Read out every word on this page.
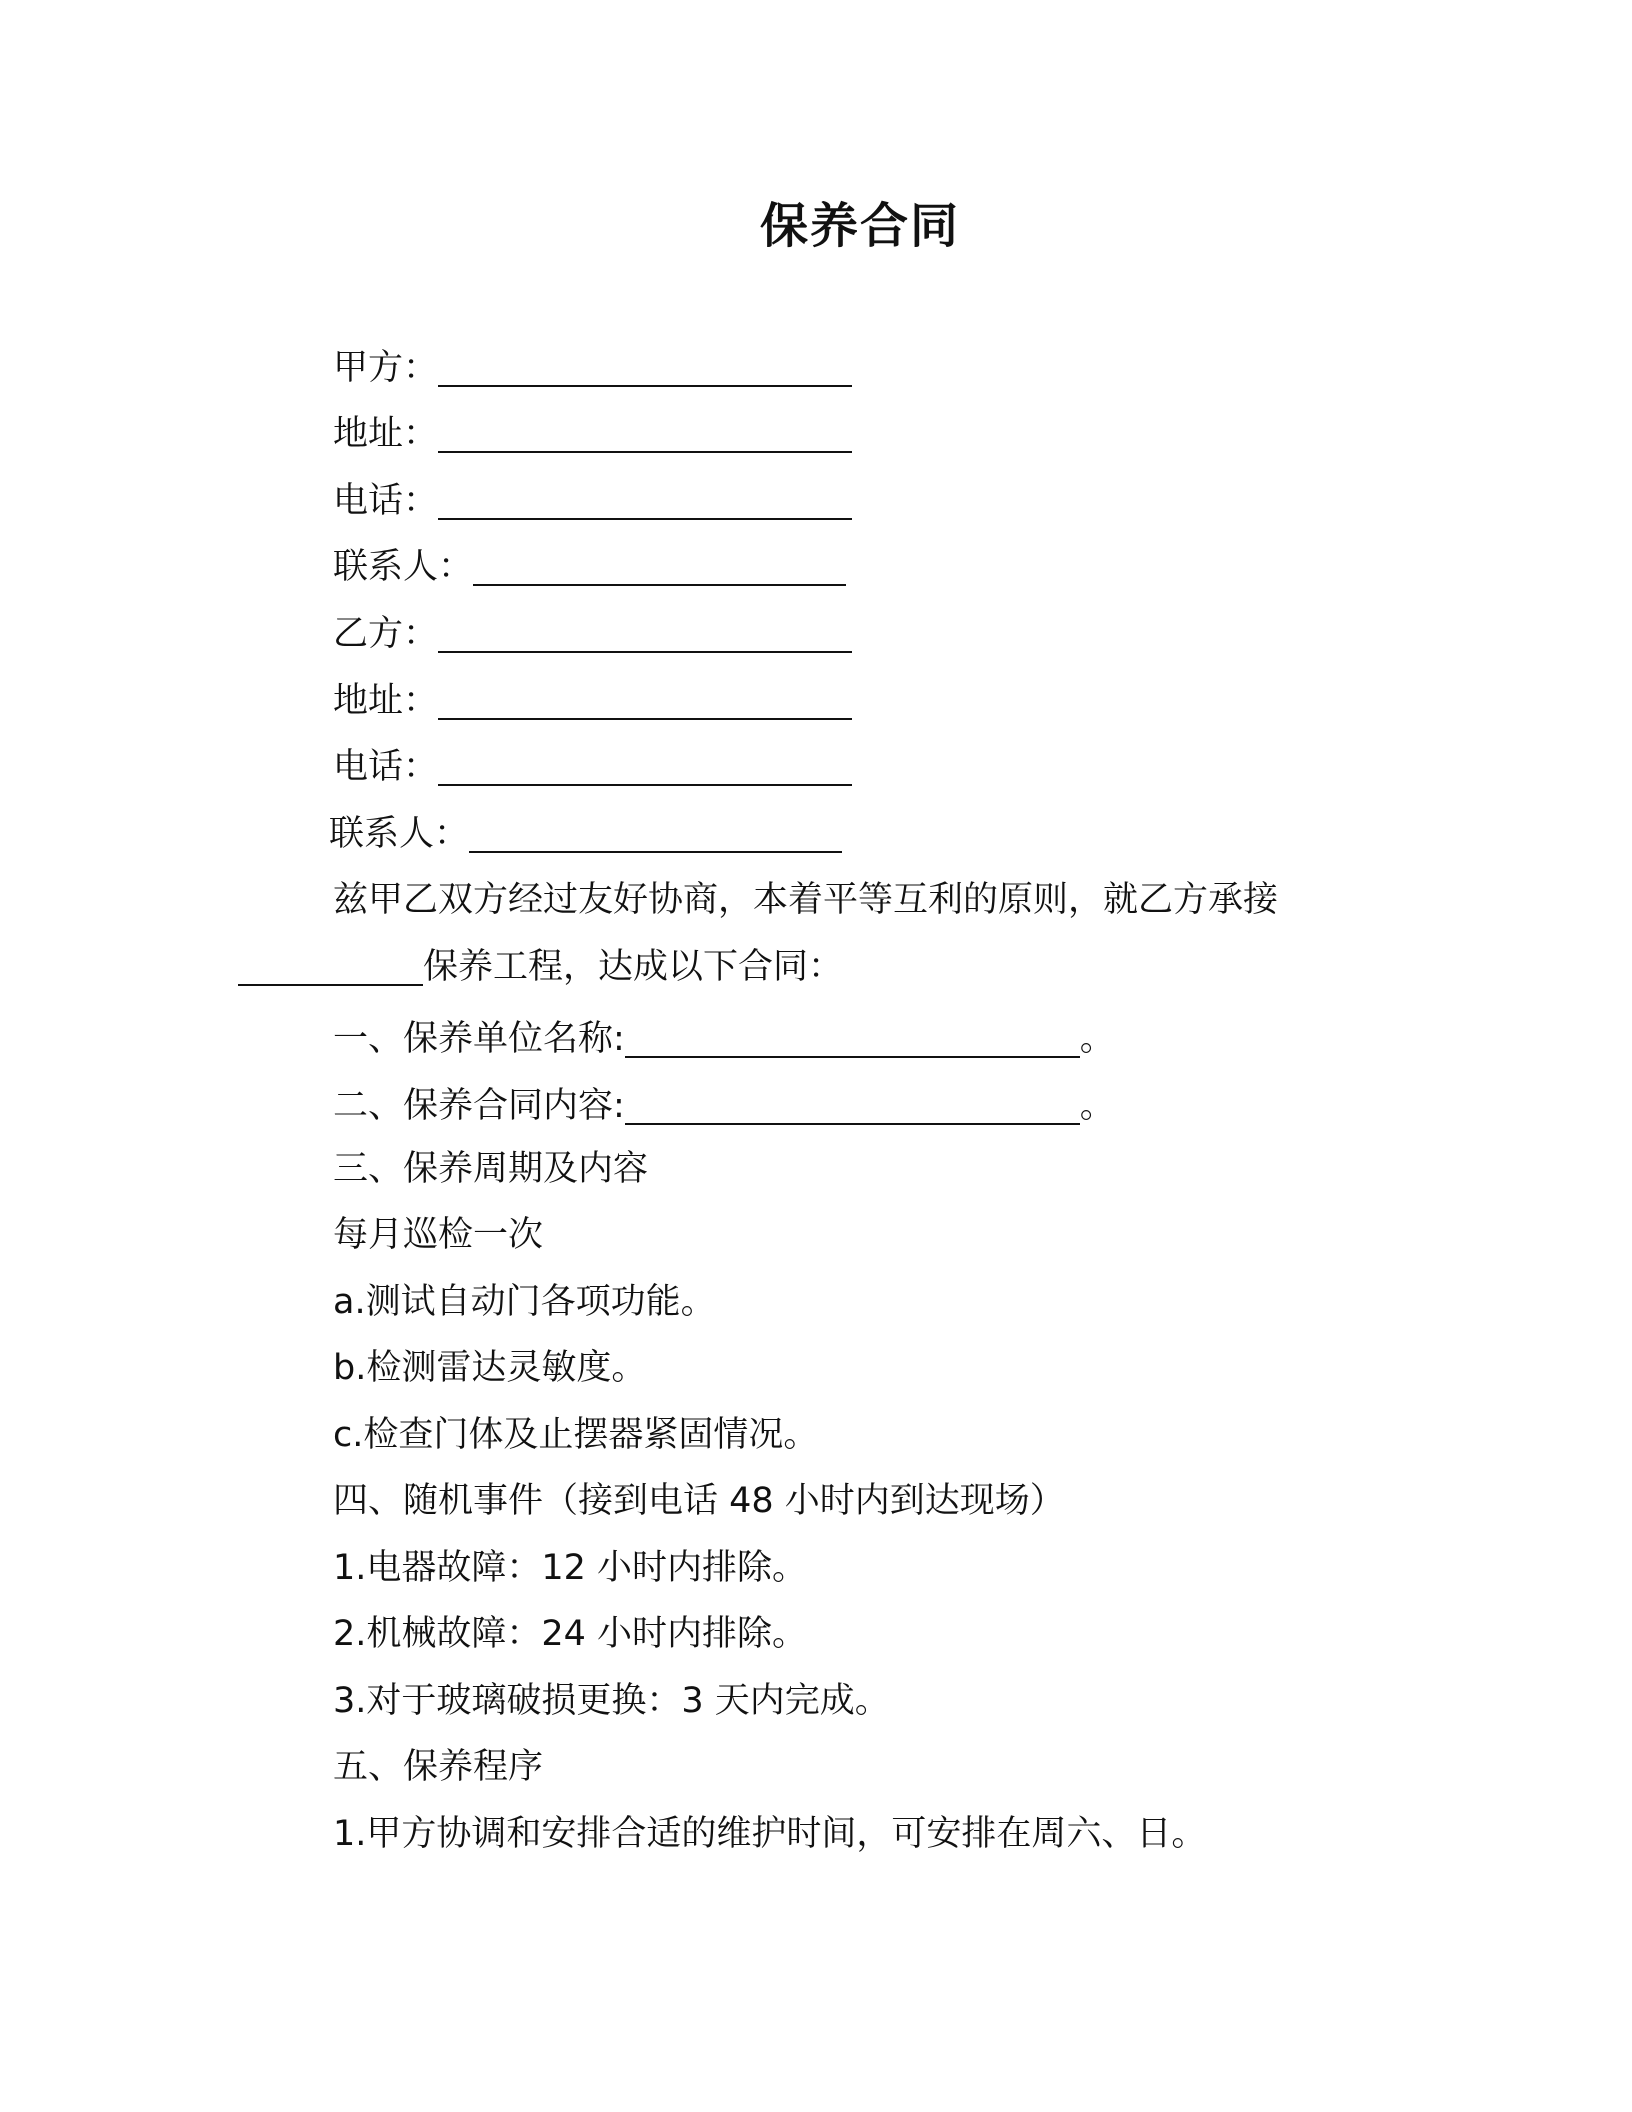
保养合同
甲方：
地址：
电话：
联系人：
乙方：
地址：
电话：
联系人：
兹甲乙双方经过友好协商，本着平等互利的原则，就乙方承接
保养工程，达成以下合同：
一、保养单位名称:	。
二、保养合同内容:	。
三、保养周期及内容
每月巡检一次
a.测试自动门各项功能。
b.检测雷达灵敏度。
c.检查门体及止摆器紧固情况。
四、随机事件（接到电话 48 小时内到达现场）
1.电器故障：12 小时内排除。
2.机械故障：24 小时内排除。
3.对于玻璃破损更换：3 天内完成。
五、保养程序
1.甲方协调和安排合适的维护时间，可安排在周六、日。
